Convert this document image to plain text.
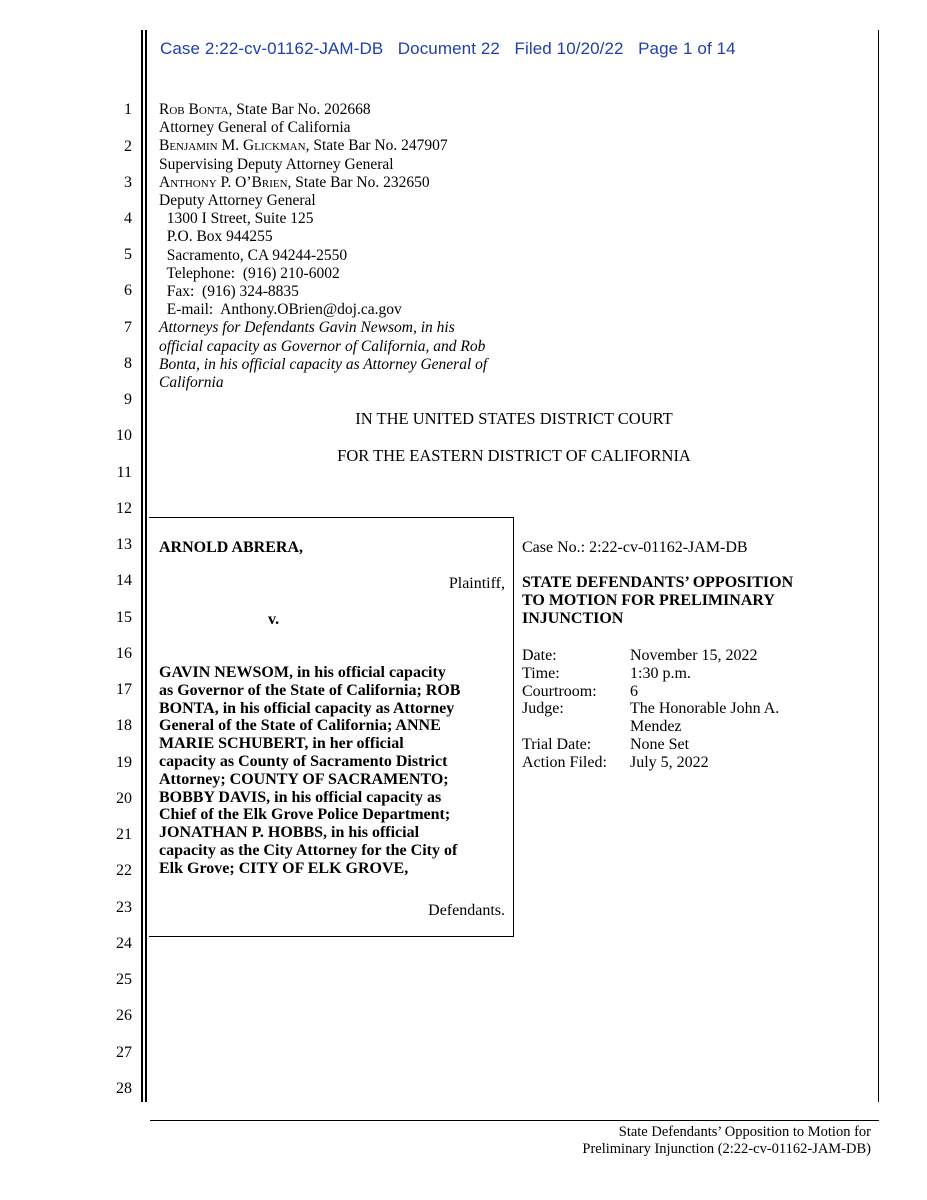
Case 2:22-cv-01162-JAM-DB Document 22 Filed 10/20/22 Page 1 of 14
1
2
3
4
5
6
7
8
9
10
11
12
13
14
15
16
17
18
19
20
21
22
23
24
25
26
27
28
Rob Bonta, State Bar No. 202668
Attorney General of California
Benjamin M. Glickman, State Bar No. 247907
Supervising Deputy Attorney General
Anthony P. O’Brien, State Bar No. 232650
Deputy Attorney General
1300 I Street, Suite 125
P.O. Box 944255
Sacramento, CA 94244-2550
Telephone:  (916) 210-6002
Fax:  (916) 324-8835
E-mail:  Anthony.OBrien@doj.ca.gov
Attorneys for Defendants Gavin Newsom, in his
official capacity as Governor of California, and Rob
Bonta, in his official capacity as Attorney General of
California
IN THE UNITED STATES DISTRICT COURT
FOR THE EASTERN DISTRICT OF CALIFORNIA
ARNOLD ABRERA,
Plaintiff,
v.
GAVIN NEWSOM, in his official capacity
as Governor of the State of California; ROB
BONTA, in his official capacity as Attorney
General of the State of California; ANNE
MARIE SCHUBERT, in her official
capacity as County of Sacramento District
Attorney; COUNTY OF SACRAMENTO;
BOBBY DAVIS, in his official capacity as
Chief of the Elk Grove Police Department;
JONATHAN P. HOBBS, in his official
capacity as the City Attorney for the City of
Elk Grove; CITY OF ELK GROVE,
Defendants.
Case No.: 2:22-cv-01162-JAM-DB
STATE DEFENDANTS’ OPPOSITION
TO MOTION FOR PRELIMINARY
INJUNCTION
Date:	November 15, 2022
Time:	1:30 p.m.
Courtroom:	6
Judge:	The Honorable John A.
Mendez
Trial Date:	None Set
Action Filed:	July 5, 2022
State Defendants’ Opposition to Motion for
Preliminary Injunction (2:22-cv-01162-JAM-DB)
